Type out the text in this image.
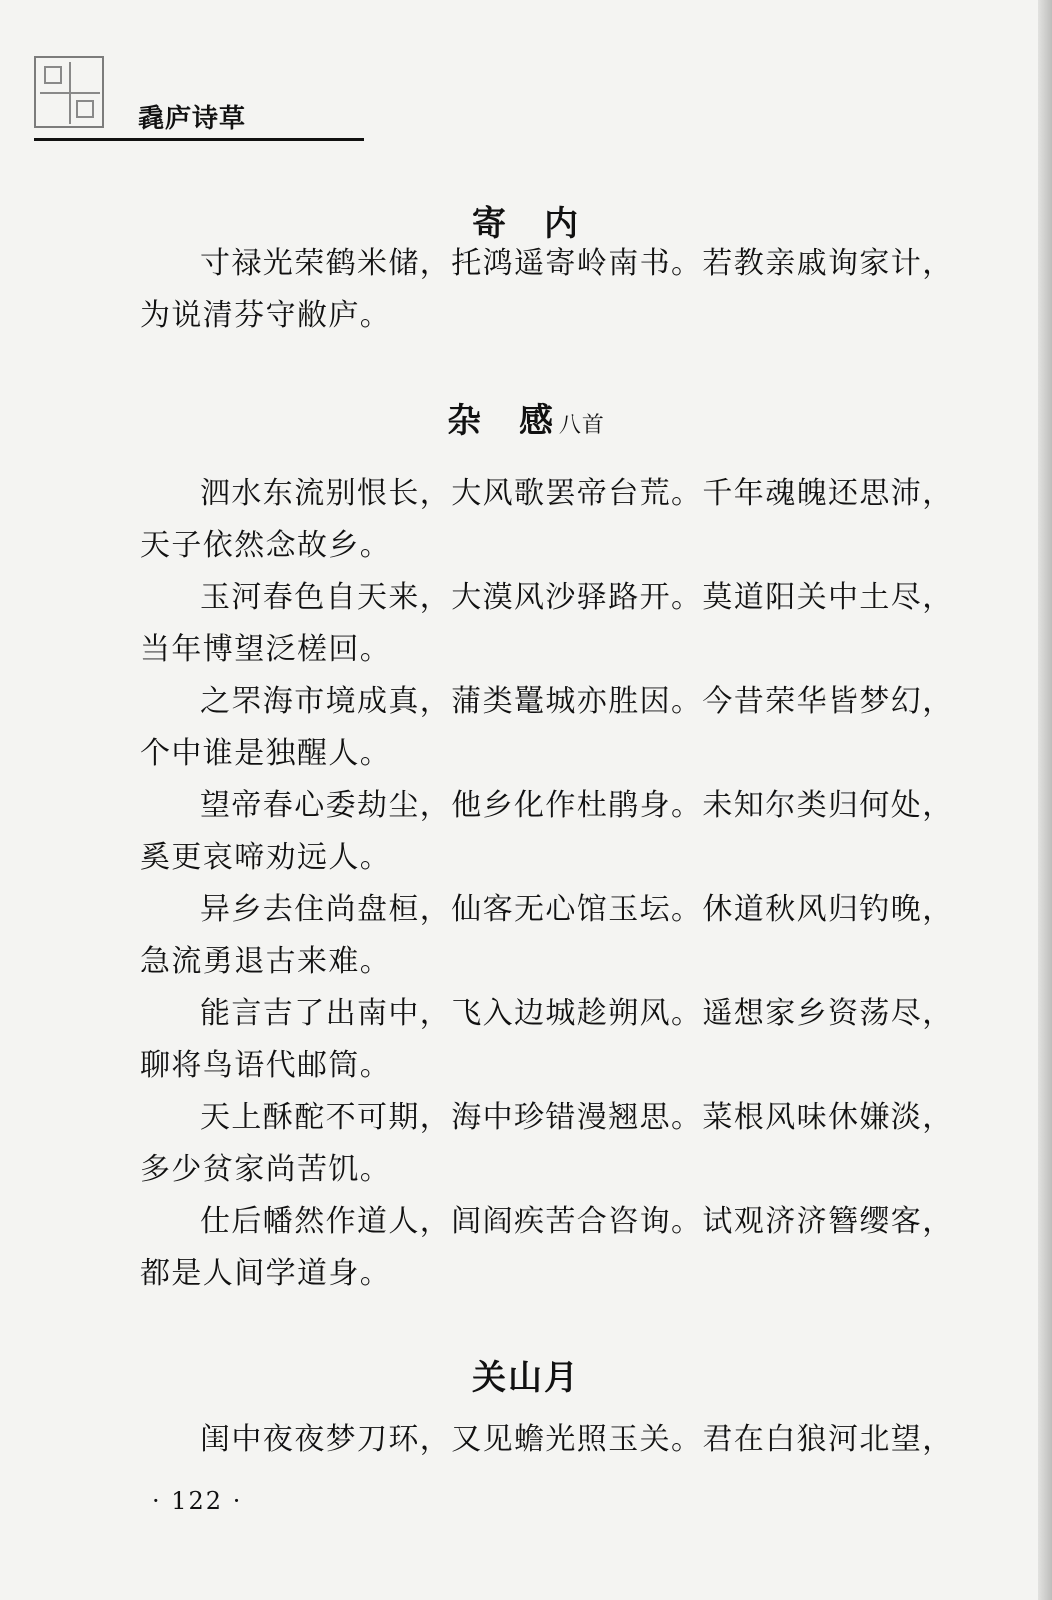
毳庐诗草
寄　内

寸禄光荣鹤米储，托鸿遥寄岭南书。若教亲戚询家计，为说清芬守敝庐。

杂　感 八首

泗水东流别恨长，大风歌罢帝台荒。千年魂魄还思沛，天子依然念故乡。

玉河春色自天来，大漠风沙驿路开。莫道阳关中土尽，当年博望泛槎回。

之罘海市境成真，蒲类鼍城亦胜因。今昔荣华皆梦幻，个中谁是独醒人。

望帝春心委劫尘，他乡化作杜鹃身。未知尔类归何处，奚更哀啼劝远人。

异乡去住尚盘桓，仙客无心馆玉坛。休道秋风归钓晚，急流勇退古来难。

能言吉了出南中，飞入边城趁朔风。遥想家乡资荡尽，聊将鸟语代邮筒。

天上酥酡不可期，海中珍错漫翘思。菜根风味休嫌淡，多少贫家尚苦饥。

仕后幡然作道人，闾阎疾苦合咨询。试观济济簪缨客，都是人间学道身。

关山月

闺中夜夜梦刀环，又见蟾光照玉关。君在白狼河北望，

· 122 ·
